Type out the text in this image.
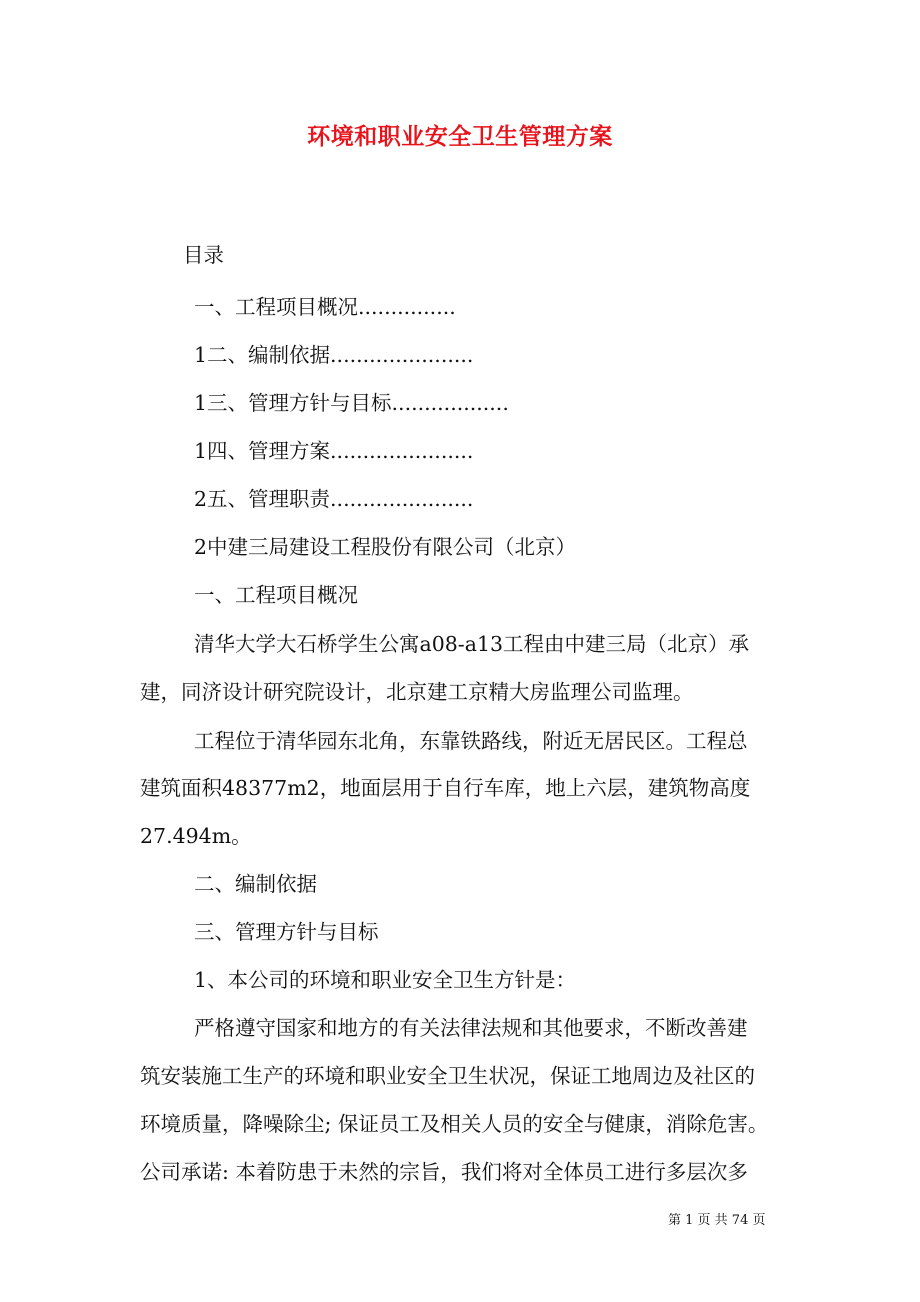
环境和职业安全卫生管理方案

目录

一、工程项目概况...............

1二、编制依据......................

1三、管理方针与目标..................

1四、管理方案......................

2五、管理职责......................

2中建三局建设工程股份有限公司（北京）

一、工程项目概况

清华大学大石桥学生公寓a08-a13工程由中建三局（北京）承

建，同济设计研究院设计，北京建工京精大房监理公司监理。

工程位于清华园东北角，东靠铁路线，附近无居民区。工程总

建筑面积48377m2，地面层用于自行车库，地上六层，建筑物高度

27.494m。

二、编制依据

三、管理方针与目标

1、本公司的环境和职业安全卫生方针是：

严格遵守国家和地方的有关法律法规和其他要求，不断改善建

筑安装施工生产的环境和职业安全卫生状况，保证工地周边及社区的

环境质量，降噪除尘; 保证员工及相关人员的安全与健康，消除危害。

公司承诺: 本着防患于未然的宗旨，我们将对全体员工进行多层次多

第 1 页 共 74 页
